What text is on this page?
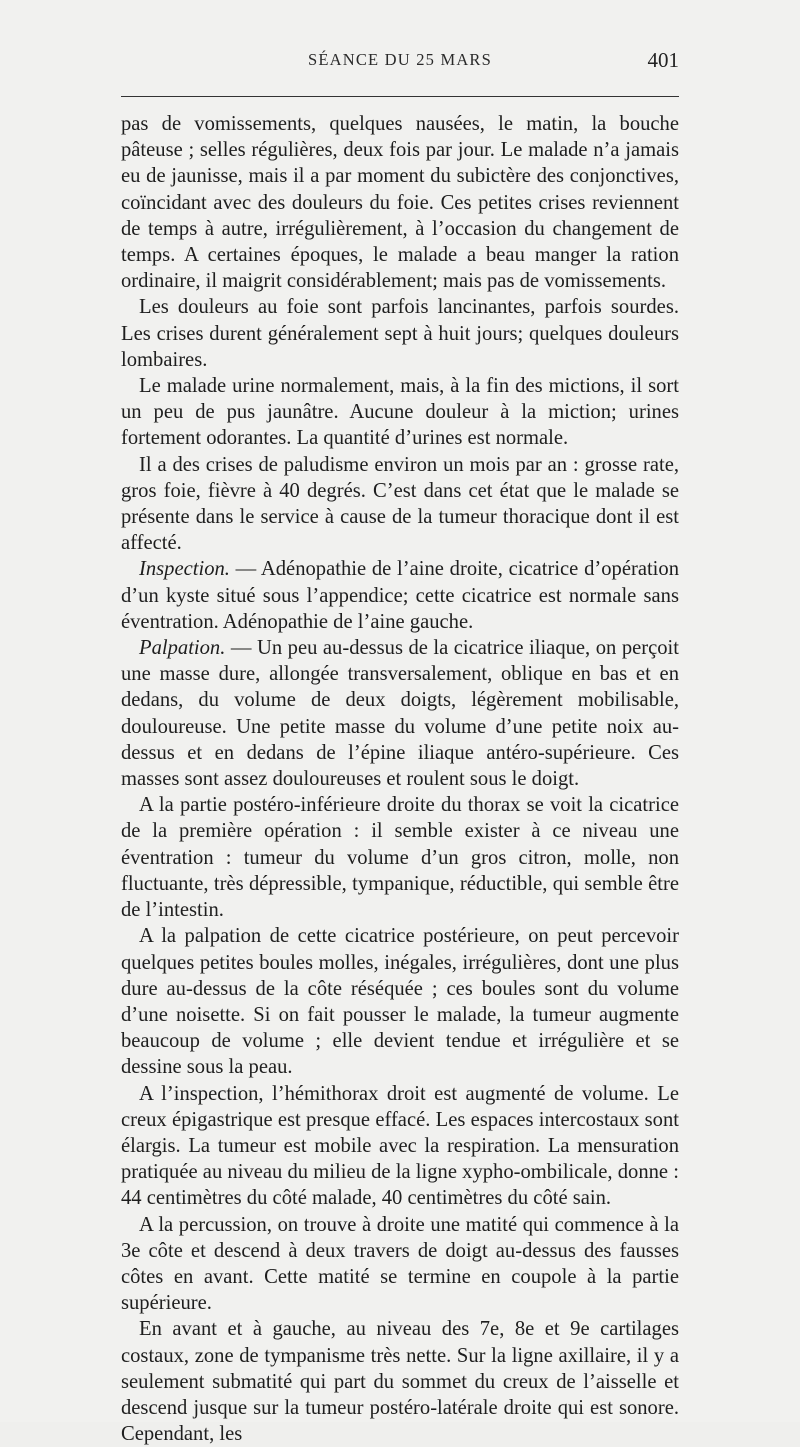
SÉANCE DU 25 MARS	401

pas de vomissements, quelques nausées, le matin, la bouche pâteuse ; selles régulières, deux fois par jour. Le malade n’a jamais eu de jaunisse, mais il a par moment du subictère des conjonctives, coïncidant avec des douleurs du foie. Ces petites crises reviennent de temps à autre, irrégulièrement, à l’occasion du changement de temps. A certaines époques, le malade a beau manger la ration ordinaire, il maigrit considérablement; mais pas de vomissements.

Les douleurs au foie sont parfois lancinantes, parfois sourdes. Les crises durent généralement sept à huit jours; quelques douleurs lombaires.

Le malade urine normalement, mais, à la fin des mictions, il sort un peu de pus jaunâtre. Aucune douleur à la miction; urines fortement odorantes. La quantité d’urines est normale.

Il a des crises de paludisme environ un mois par an : grosse rate, gros foie, fièvre à 40 degrés. C’est dans cet état que le malade se présente dans le service à cause de la tumeur thoracique dont il est affecté.

Inspection. — Adénopathie de l’aine droite, cicatrice d’opération d’un kyste situé sous l’appendice; cette cicatrice est normale sans éventration. Adénopathie de l’aine gauche.

Palpation. — Un peu au-dessus de la cicatrice iliaque, on perçoit une masse dure, allongée transversalement, oblique en bas et en dedans, du volume de deux doigts, légèrement mobilisable, douloureuse. Une petite masse du volume d’une petite noix au-dessus et en dedans de l’épine iliaque antéro-supérieure. Ces masses sont assez douloureuses et roulent sous le doigt.

A la partie postéro-inférieure droite du thorax se voit la cicatrice de la première opération : il semble exister à ce niveau une éventration : tumeur du volume d’un gros citron, molle, non fluctuante, très dépressible, tympanique, réductible, qui semble être de l’intestin.

A la palpation de cette cicatrice postérieure, on peut percevoir quelques petites boules molles, inégales, irrégulières, dont une plus dure au-dessus de la côte réséquée ; ces boules sont du volume d’une noisette. Si on fait pousser le malade, la tumeur augmente beaucoup de volume ; elle devient tendue et irrégulière et se dessine sous la peau.

A l’inspection, l’hémithorax droit est augmenté de volume. Le creux épigastrique est presque effacé. Les espaces intercostaux sont élargis. La tumeur est mobile avec la respiration. La mensuration pratiquée au niveau du milieu de la ligne xypho-ombilicale, donne : 44 centimètres du côté malade, 40 centimètres du côté sain.

A la percussion, on trouve à droite une matité qui commence à la 3e côte et descend à deux travers de doigt au-dessus des fausses côtes en avant. Cette matité se termine en coupole à la partie supérieure.

En avant et à gauche, au niveau des 7e, 8e et 9e cartilages costaux, zone de tympanisme très nette. Sur la ligne axillaire, il y a seulement submatité qui part du sommet du creux de l’aisselle et descend jusque sur la tumeur postéro-latérale droite qui est sonore. Cependant, les
